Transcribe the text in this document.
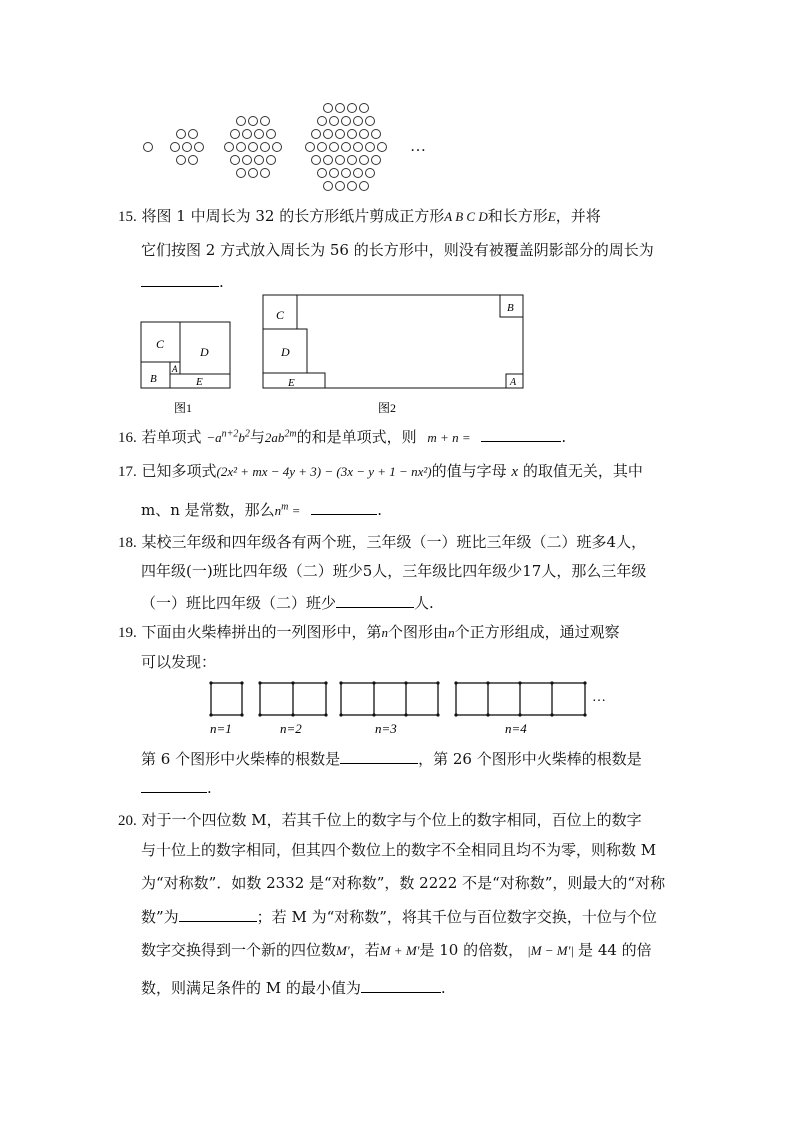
…
15. 将图 1 中周长为 32 的长方形纸片剪成正方形A B C D和长方形E，并将
它们按图 2 方式放入周长为 56 的长方形中，则没有被覆盖阴影部分的周长为
.
C
D
A
B	E
图1
C	B
D
E	A
图2
16. 若单项式 $-a^{n+2}b^2$与$2ab^{2m}$的和是单项式，则 m + n =	.
17. 已知多项式(2x² + mx − 4y + 3) − (3x − y + 1 − nx²)的值与字母 x 的取值无关，其中
m、n 是常数，那么$n^m$ =	.
18. 某校三年级和四年级各有两个班，三年级（一）班比三年级（二）班多4人，
四年级(一)班比四年级（二）班少5人，三年级比四年级少17人，那么三年级
（一）班比四年级（二）班少	人.
19. 下面由火柴棒拼出的一列图形中，第n个图形由n个正方形组成，通过观察
可以发现：
…
n=1	n=2	n=3	n=4
第 6 个图形中火柴棒的根数是	，第 26 个图形中火柴棒的根数是
.
20. 对于一个四位数 M，若其千位上的数字与个位上的数字相同，百位上的数字
与十位上的数字相同，但其四个数位上的数字不全相同且均不为零，则称数 M
为“对称数”．如数 2332 是“对称数”，数 2222 不是“对称数”，则最大的“对称
数”为	；若 M 为“对称数”，将其千位与百位数字交换，十位与个位
数字交换得到一个新的四位数M′，若M + M′是 10 的倍数， |M − M′| 是 44 的倍
数，则满足条件的 M 的最小值为	.
